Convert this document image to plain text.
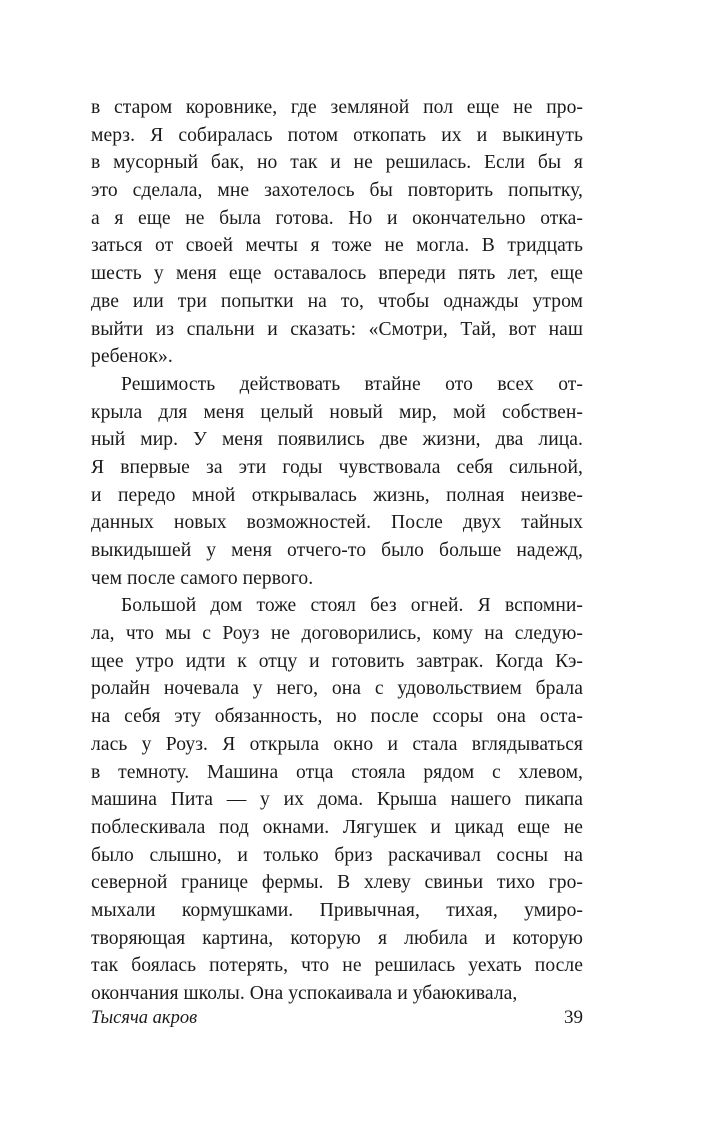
в старом коровнике, где земляной пол еще не про-
мерз. Я собиралась потом откопать их и выкинуть
в мусорный бак, но так и не решилась. Если бы я
это сделала, мне захотелось бы повторить попытку,
а я еще не была готова. Но и окончательно отка-
заться от своей мечты я тоже не могла. В тридцать
шесть у меня еще оставалось впереди пять лет, еще
две или три попытки на то, чтобы однажды утром
выйти из спальни и сказать: «Смотри, Тай, вот наш
ребенок».
Решимость действовать втайне ото всех от-
крыла для меня целый новый мир, мой собствен-
ный мир. У меня появились две жизни, два лица.
Я впервые за эти годы чувствовала себя сильной,
и передо мной открывалась жизнь, полная неизве-
данных новых возможностей. После двух тайных
выкидышей у меня отчего-то было больше надежд,
чем после самого первого.
Большой дом тоже стоял без огней. Я вспомни-
ла, что мы с Роуз не договорились, кому на следую-
щее утро идти к отцу и готовить завтрак. Когда Кэ-
ролайн ночевала у него, она с удовольствием брала
на себя эту обязанность, но после ссоры она оста-
лась у Роуз. Я открыла окно и стала вглядываться
в темноту. Машина отца стояла рядом с хлевом,
машина Пита — у их дома. Крыша нашего пикапа
поблескивала под окнами. Лягушек и цикад еще не
было слышно, и только бриз раскачивал сосны на
северной границе фермы. В хлеву свиньи тихо гро-
мыхали кормушками. Привычная, тихая, умиро-
творяющая картина, которую я любила и которую
так боялась потерять, что не решилась уехать после
окончания школы. Она успокаивала и убаюкивала,
Тысяча акров	39
